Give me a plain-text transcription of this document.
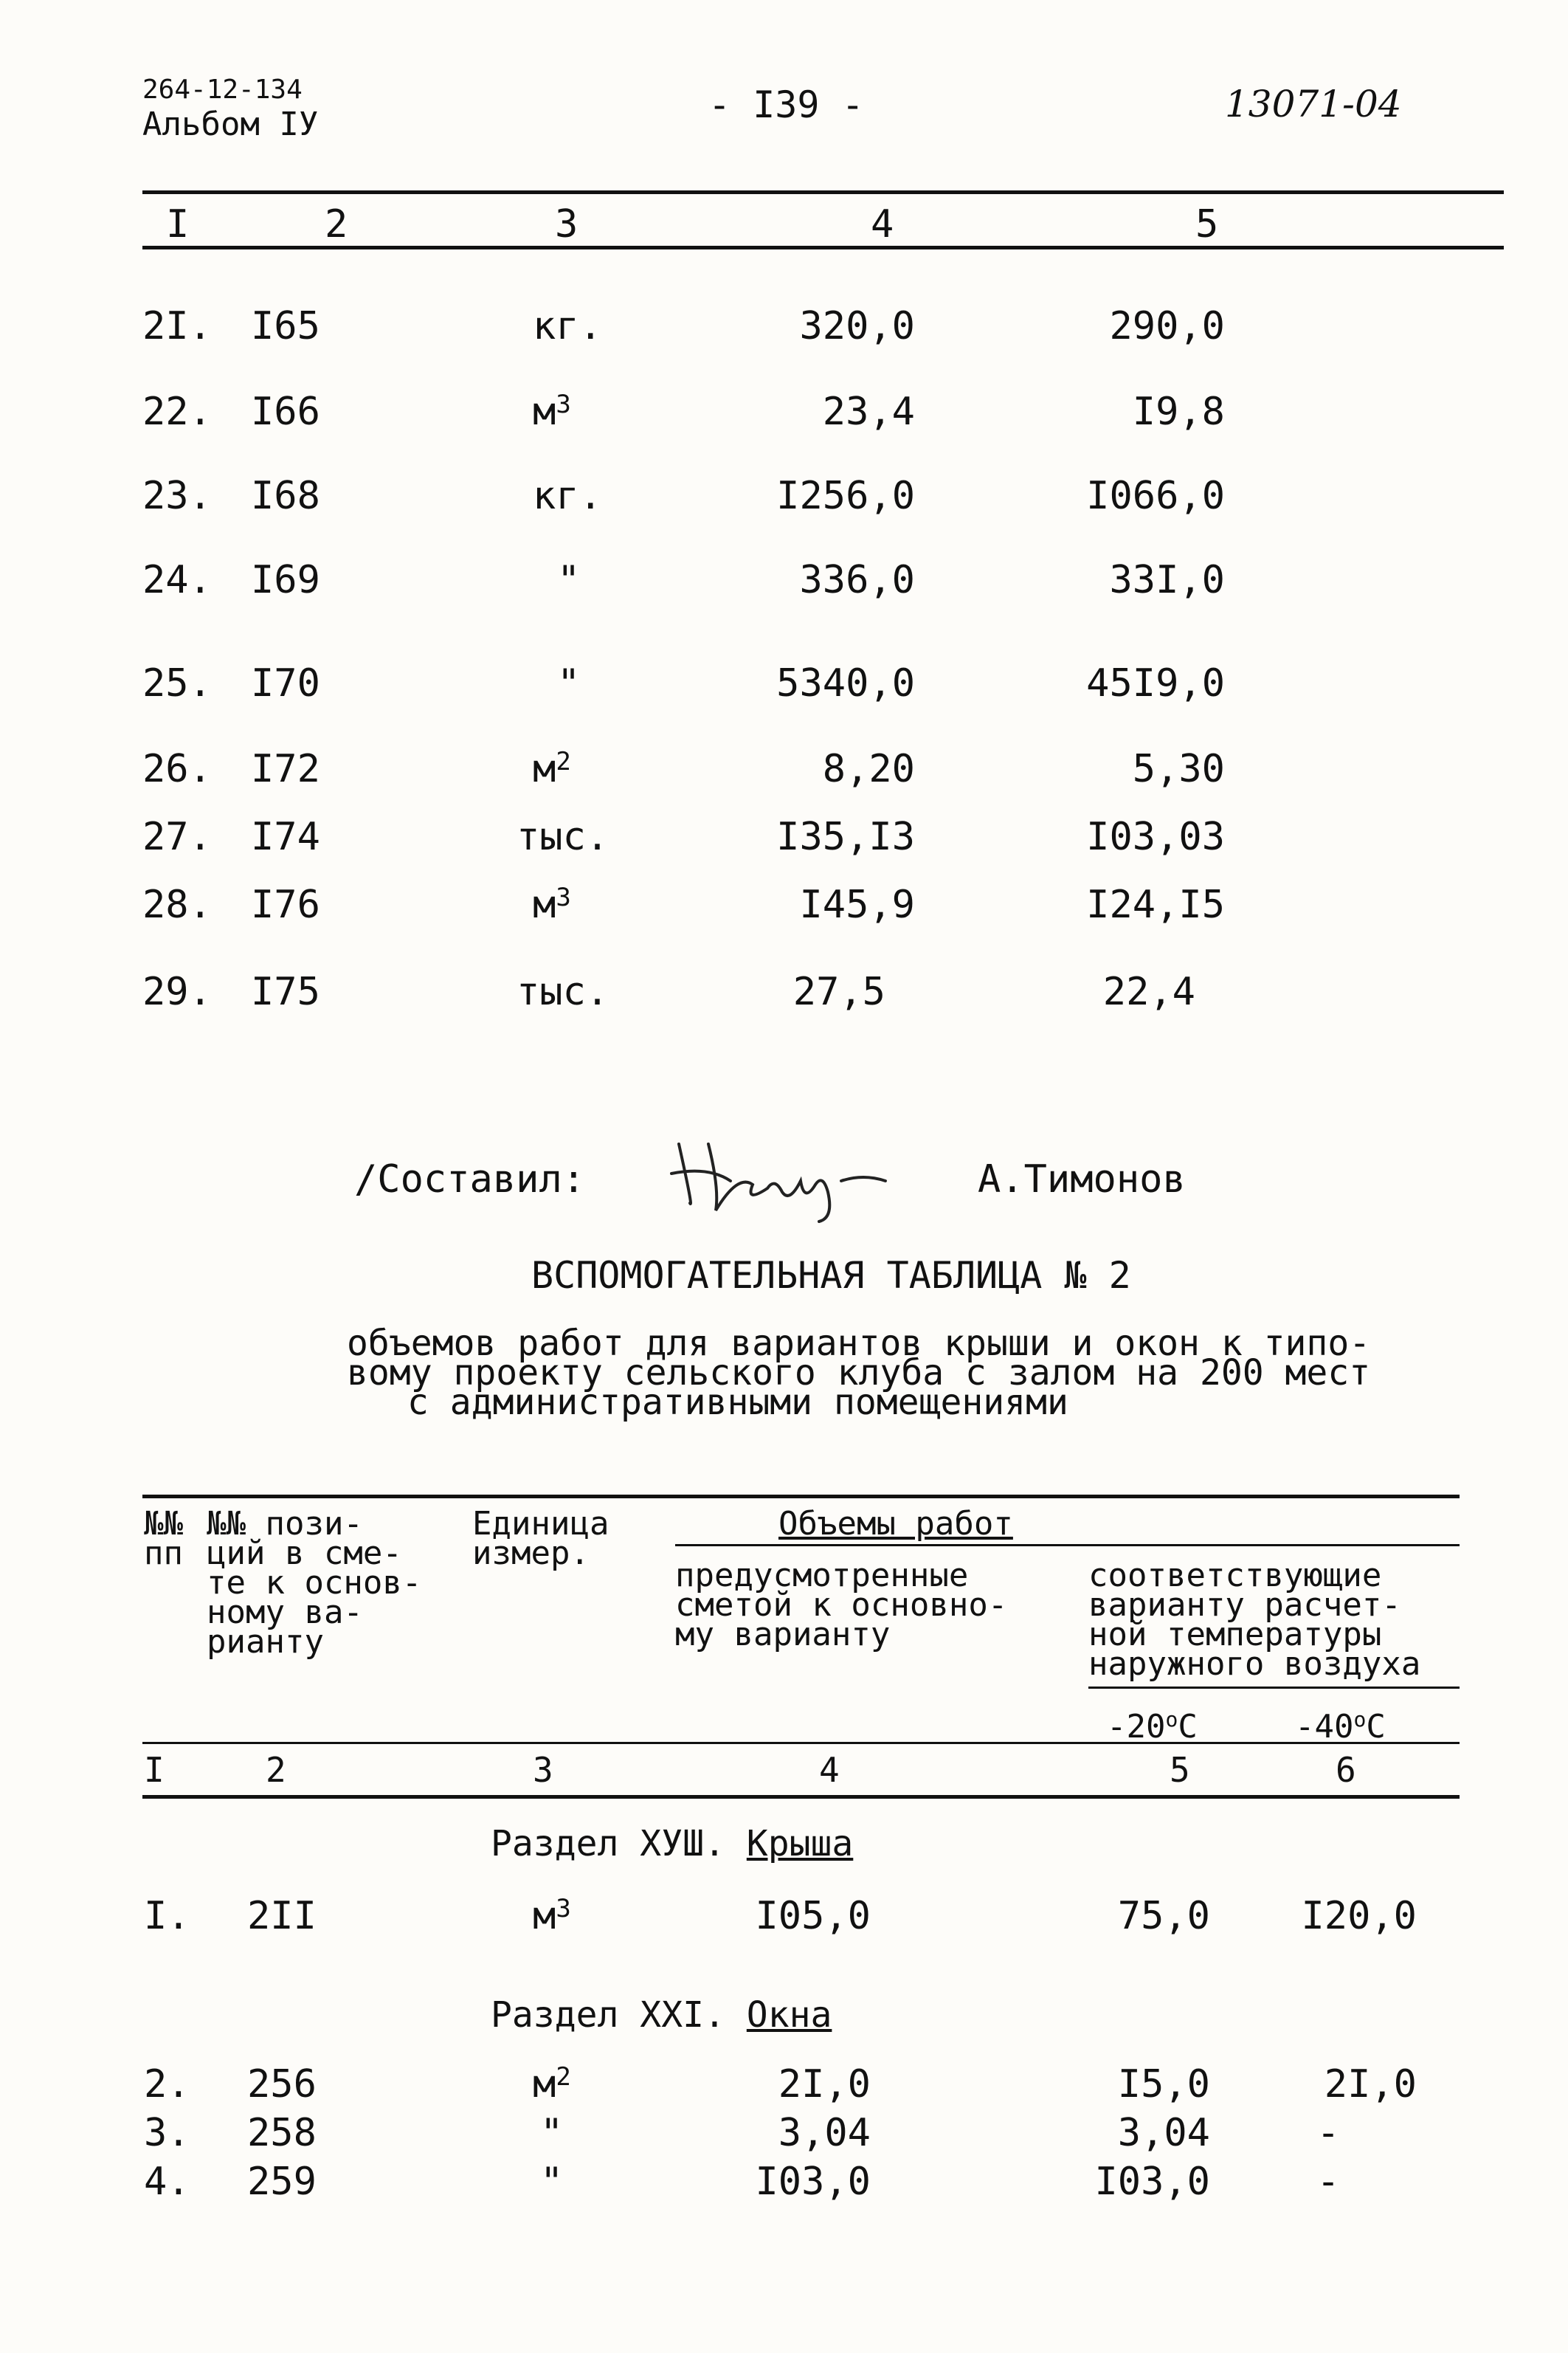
264-12-134
Альбом IУ	- I39 -	13071-04
I	2	3	4	5
2I. I65	кг.	320,0	290,0
22. I66	$м^3$	23,4	I9,8
23. I68	кг.	I256,0	I066,0
24. I69	"	336,0	33I,0
25. I70	"	5340,0	45I9,0
26. I72	$м^2$	8,20	5,30
27. I74	тыс.	I35,I3	I03,03
28. I76	$м^3$	I45,9	I24,I5
29. I75	тыс.	27,5	22,4
/Составил:	А.Тимонов
ВСПОМОГАТЕЛЬНАЯ ТАБЛИЦА № 2
объемов работ для вариантов крыши и окон к типо-
вому проекту сельского клуба с залом на 200 мест
с административными помещениями
№№
пп
№№ пози-
ций в сме-
те к основ-
ному ва-
рианту
Единица
измер.
Объемы работ
предусмотренные
сметой к основно-
му варианту
соответствующие
варианту расчет-
ной температуры
наружного воздуха
-20$^o$C	-40$^o$C
I	2	3	4	5	6
Раздел ХУШ. Крыша
I. 2II	$м^3$	I05,0	75,0	I20,0
Раздел XXI. Окна
2. 256	$м^2$	2I,0	I5,0	2I,0
3. 258	"	3,04	3,04	-
4. 259	"	I03,0	I03,0	-
